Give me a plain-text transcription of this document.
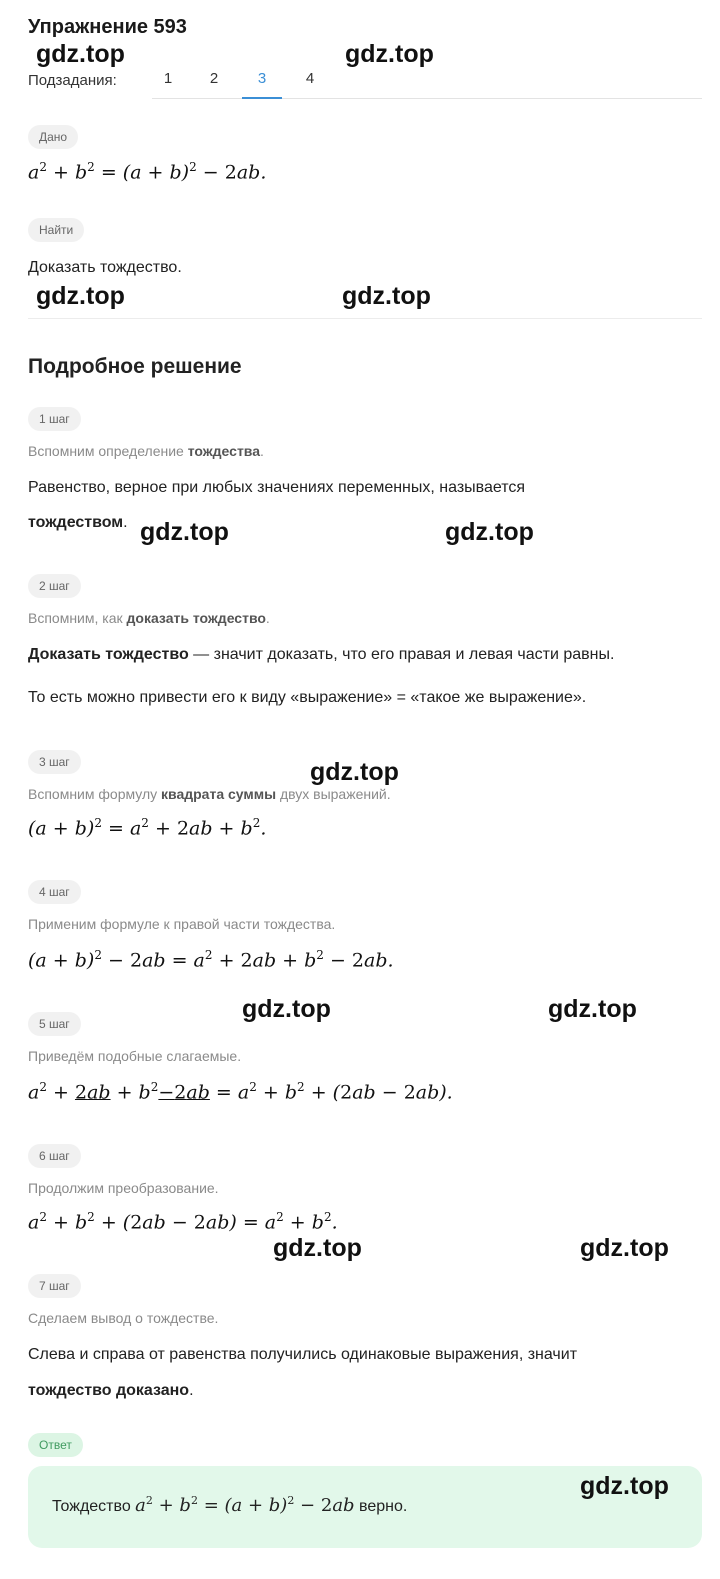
Упражнение 593
Подзадания:	1	2	3	4
Дано
$a^2 + b^2 = (a + b)^2 - 2ab$.
Найти
Доказать тождество.
Подробное решение
1 шаг
Вспомним определение тождества.
Равенство, верное при любых значениях переменных, называется
тождеством.
2 шаг
Вспомним, как доказать тождество.
Доказать тождество — значит доказать, что его правая и левая части равны.
То есть можно привести его к виду «выражение» = «такое же выражение».
3 шаг
Вспомним формулу квадрата суммы двух выражений.
$(a + b)^2 = a^2 + 2ab + b^2$.
4 шаг
Применим формуле к правой части тождества.
$(a + b)^2 - 2ab = a^2 + 2ab + b^2 - 2ab$.
5 шаг
Приведём подобные слагаемые.
$a^2 + 2ab + b^2-2ab = a^2 + b^2 + (2ab - 2ab)$.
6 шаг
Продолжим преобразование.
$a^2 + b^2 + (2ab - 2ab) = a^2 + b^2$.
7 шаг
Сделаем вывод о тождестве.
Слева и справа от равенства получились одинаковые выражения, значит
тождество доказано.
Ответ
Тождество $a^2 + b^2 = (a + b)^2 - 2ab$ верно.
gdz.top	gdz.top
gdz.top	gdz.top
gdz.top	gdz.top
gdz.top
gdz.top	gdz.top
gdz.top	gdz.top
gdz.top
